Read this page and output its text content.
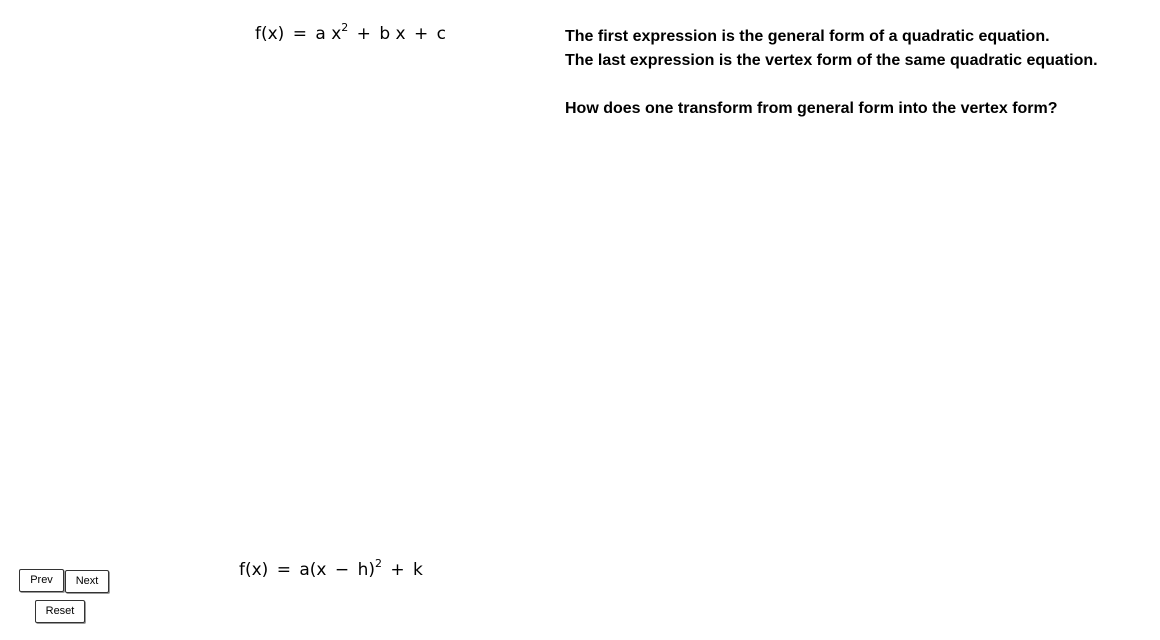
f(x) = a $x^2 + b$ x + c	The first expression is the general form of a quadratic equation.
The last expression is the vertex form of the same quadratic equation.
How does one transform from general form into the vertex form?
$f(x) = a(x - h)^2 + k$
Prev	Next
Reset
